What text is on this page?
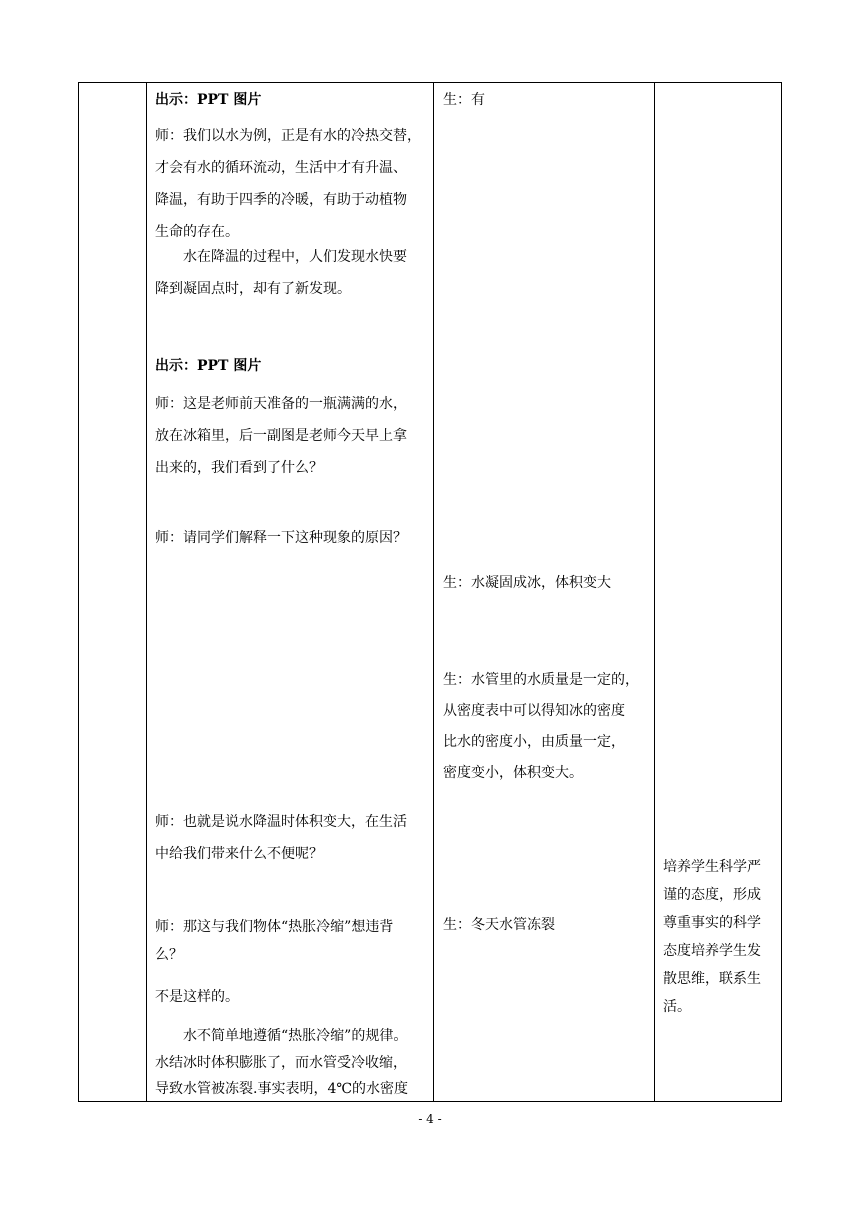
出示：PPT 图片
师：我们以水为例，正是有水的冷热交替，
才会有水的循环流动，生活中才有升温、
降温，有助于四季的冷暖，有助于动植物
生命的存在。
水在降温的过程中，人们发现水快要
降到凝固点时，却有了新发现。
出示：PPT 图片
师：这是老师前天准备的一瓶满满的水，
放在冰箱里，后一副图是老师今天早上拿
出来的，我们看到了什么？
师：请同学们解释一下这种现象的原因？
师：也就是说水降温时体积变大，在生活
中给我们带来什么不便呢？
师：那这与我们物体“热胀冷缩”想违背
么？
不是这样的。
水不简单地遵循“热胀冷缩”的规律。
水结冰时体积膨胀了，而水管受冷收缩，
导致水管被冻裂.事实表明，4℃的水密度
生：有
生：水凝固成冰，体积变大
生：水管里的水质量是一定的，
从密度表中可以得知冰的密度
比水的密度小，由质量一定，
密度变小，体积变大。
生：冬天水管冻裂
培养学生科学严
谨的态度，形成
尊重事实的科学
态度培养学生发
散思维，联系生
活。
- 4 -
